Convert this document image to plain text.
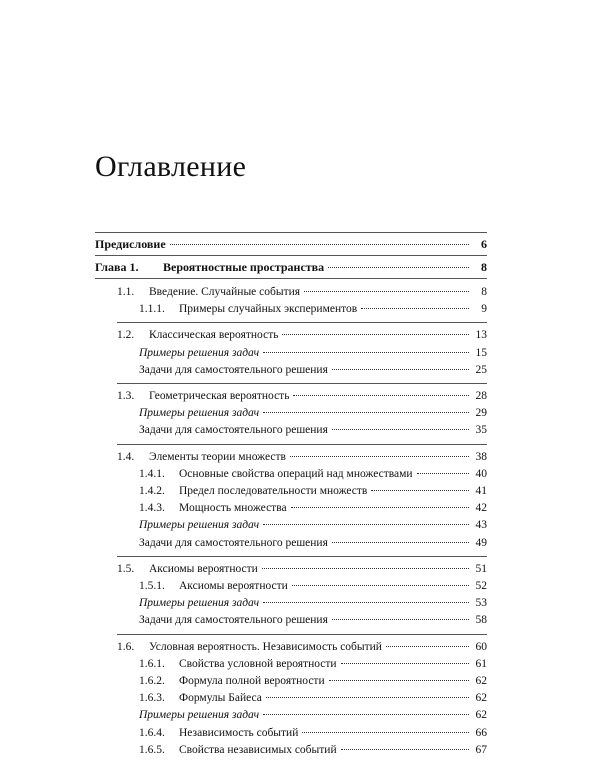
Оглавление
Предисловие	6
Глава 1.	Вероятностные пространства	8
1.1.	Введение. Случайные события	8
1.1.1.	Примеры случайных экспериментов	9
1.2.	Классическая вероятность	13
Примеры решения задач	15
Задачи для самостоятельного решения	25
1.3.	Геометрическая вероятность	28
Примеры решения задач	29
Задачи для самостоятельного решения	35
1.4.	Элементы теории множеств	38
1.4.1.	Основные свойства операций над множествами	40
1.4.2.	Предел последовательности множеств	41
1.4.3.	Мощность множества	42
Примеры решения задач	43
Задачи для самостоятельного решения	49
1.5.	Аксиомы вероятности	51
1.5.1.	Аксиомы вероятности	52
Примеры решения задач	53
Задачи для самостоятельного решения	58
1.6.	Условная вероятность. Независимость событий	60
1.6.1.	Свойства условной вероятности	61
1.6.2.	Формула полной вероятности	62
1.6.3.	Формулы Байеса	62
Примеры решения задач	62
1.6.4.	Независимость событий	66
1.6.5.	Свойства независимых событий	67
